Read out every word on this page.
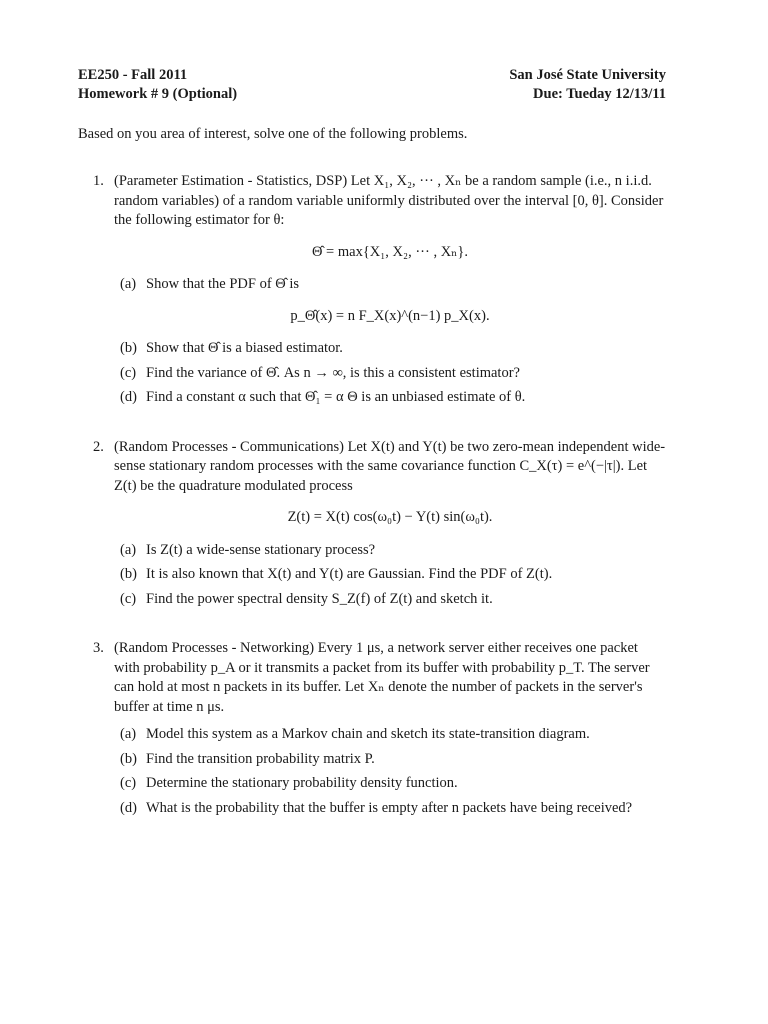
EE250 - Fall 2011
Homework # 9 (Optional)
San José State University
Due: Tueday 12/13/11
Based on you area of interest, solve one of the following problems.
1. (Parameter Estimation - Statistics, DSP) Let X₁, X₂, ··· , Xₙ be a random sample (i.e., n i.i.d. random variables) of a random variable uniformly distributed over the interval [0, θ]. Consider the following estimator for θ:
Θ̂ = max{X₁, X₂, ··· , Xₙ}.
(a) Show that the PDF of Θ̂ is
p_Θ̂(x) = n F_X(x)^(n−1) p_X(x).
(b) Show that Θ̂ is a biased estimator.
(c) Find the variance of Θ̂. As n → ∞, is this a consistent estimator?
(d) Find a constant α such that Θ̂₁ = α Θ is an unbiased estimate of θ.
2. (Random Processes - Communications) Let X(t) and Y(t) be two zero-mean independent wide-sense stationary random processes with the same covariance function C_X(τ) = e^(−|τ|). Let Z(t) be the quadrature modulated process
Z(t) = X(t) cos(ω₀t) − Y(t) sin(ω₀t).
(a) Is Z(t) a wide-sense stationary process?
(b) It is also known that X(t) and Y(t) are Gaussian. Find the PDF of Z(t).
(c) Find the power spectral density S_Z(f) of Z(t) and sketch it.
3. (Random Processes - Networking) Every 1 μs, a network server either receives one packet with probability p_A or it transmits a packet from its buffer with probability p_T. The server can hold at most n packets in its buffer. Let Xₙ denote the number of packets in the server's buffer at time n μs.
(a) Model this system as a Markov chain and sketch its state-transition diagram.
(b) Find the transition probability matrix P.
(c) Determine the stationary probability density function.
(d) What is the probability that the buffer is empty after n packets have being received?
